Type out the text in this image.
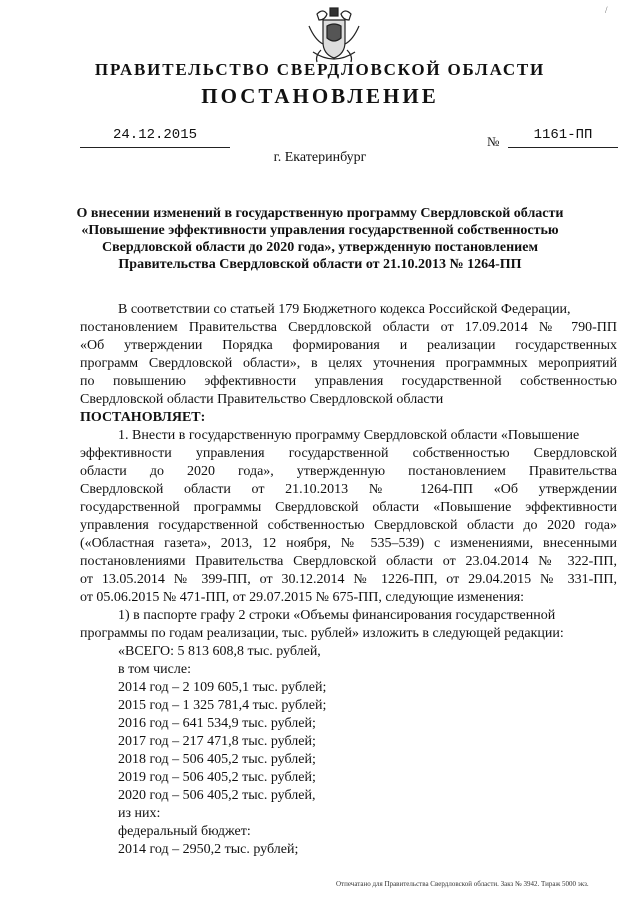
ПРАВИТЕЛЬСТВО СВЕРДЛОВСКОЙ ОБЛАСТИ
ПОСТАНОВЛЕНИЕ
24.12.2015	№	1161-ПП
г. Екатеринбург
О внесении изменений в государственную программу Свердловской области
«Повышение эффективности управления государственной собственностью
Свердловской области до 2020 года», утвержденную постановлением
Правительства Свердловской области от 21.10.2013 № 1264-ПП
В соответствии со статьей 179 Бюджетного кодекса Российской Федерации,
постановлением Правительства Свердловской области от 17.09.2014 № 790-ПП
«Об утверждении Порядка формирования и реализации государственных
программ Свердловской области», в целях уточнения программных мероприятий
по повышению эффективности управления государственной собственностью
Свердловской области Правительство Свердловской области
ПОСТАНОВЛЯЕТ:
1. Внести в государственную программу Свердловской области «Повышение
эффективности управления государственной собственностью Свердловской
области до 2020 года», утвержденную постановлением Правительства
Свердловской области от 21.10.2013 № 1264-ПП «Об утверждении
государственной программы Свердловской области «Повышение эффективности
управления государственной собственностью Свердловской области до 2020 года»
(«Областная газета», 2013, 12 ноября, № 535–539) с изменениями, внесенными
постановлениями Правительства Свердловской области от 23.04.2014 № 322-ПП,
от 13.05.2014 № 399-ПП, от 30.12.2014 № 1226-ПП, от 29.04.2015 № 331-ПП,
от 05.06.2015 № 471-ПП, от 29.07.2015 № 675-ПП, следующие изменения:
1) в паспорте графу 2 строки «Объемы финансирования государственной
программы по годам реализации, тыс. рублей» изложить в следующей редакции:
«ВСЕГО: 5 813 608,8 тыс. рублей,
в том числе:
2014 год – 2 109 605,1 тыс. рублей;
2015 год – 1 325 781,4 тыс. рублей;
2016 год – 641 534,9 тыс. рублей;
2017 год – 217 471,8 тыс. рублей;
2018 год – 506 405,2 тыс. рублей;
2019 год – 506 405,2 тыс. рублей;
2020 год – 506 405,2 тыс. рублей,
из них:
федеральный бюджет:
2014 год – 2950,2 тыс. рублей;
Отпечатано для Правительства Свердловской области. Закз № 3942. Тираж 5000 экз.
/
